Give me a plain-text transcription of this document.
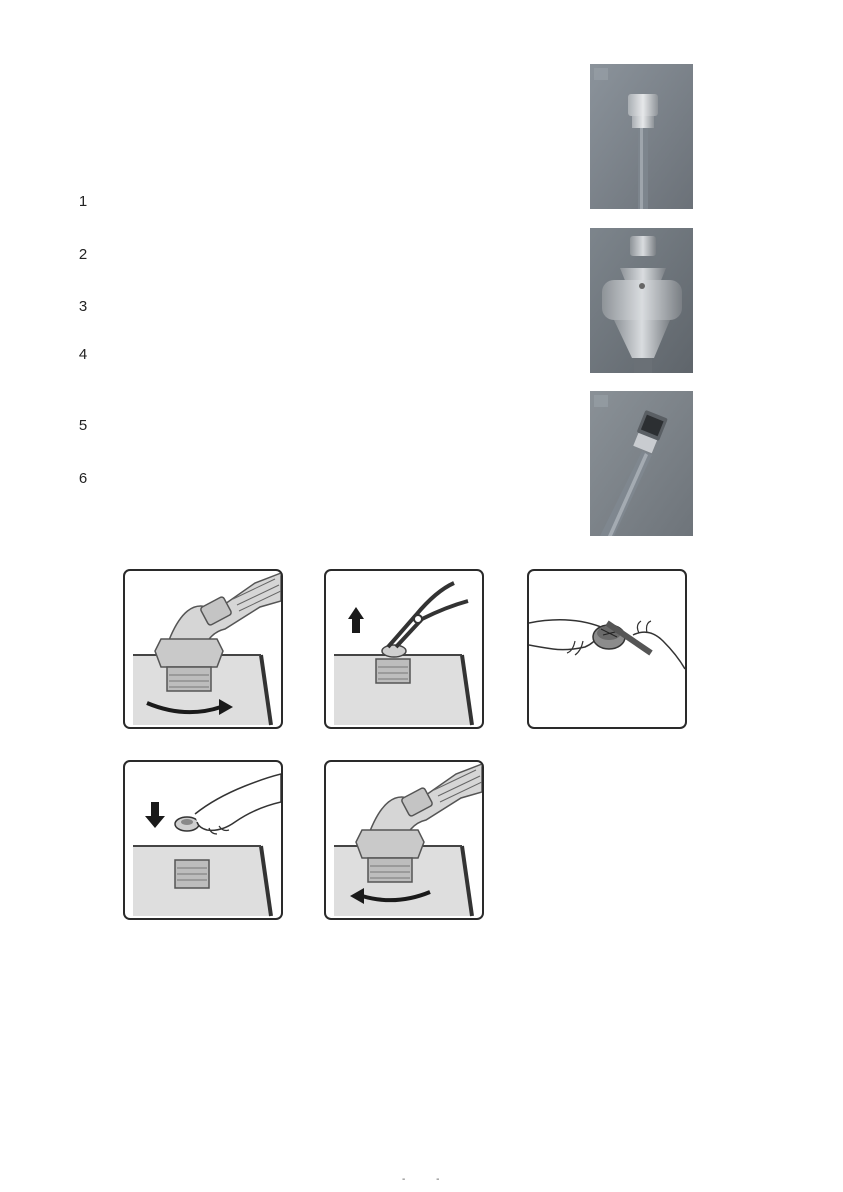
1
2
3
4
5
6
- -
